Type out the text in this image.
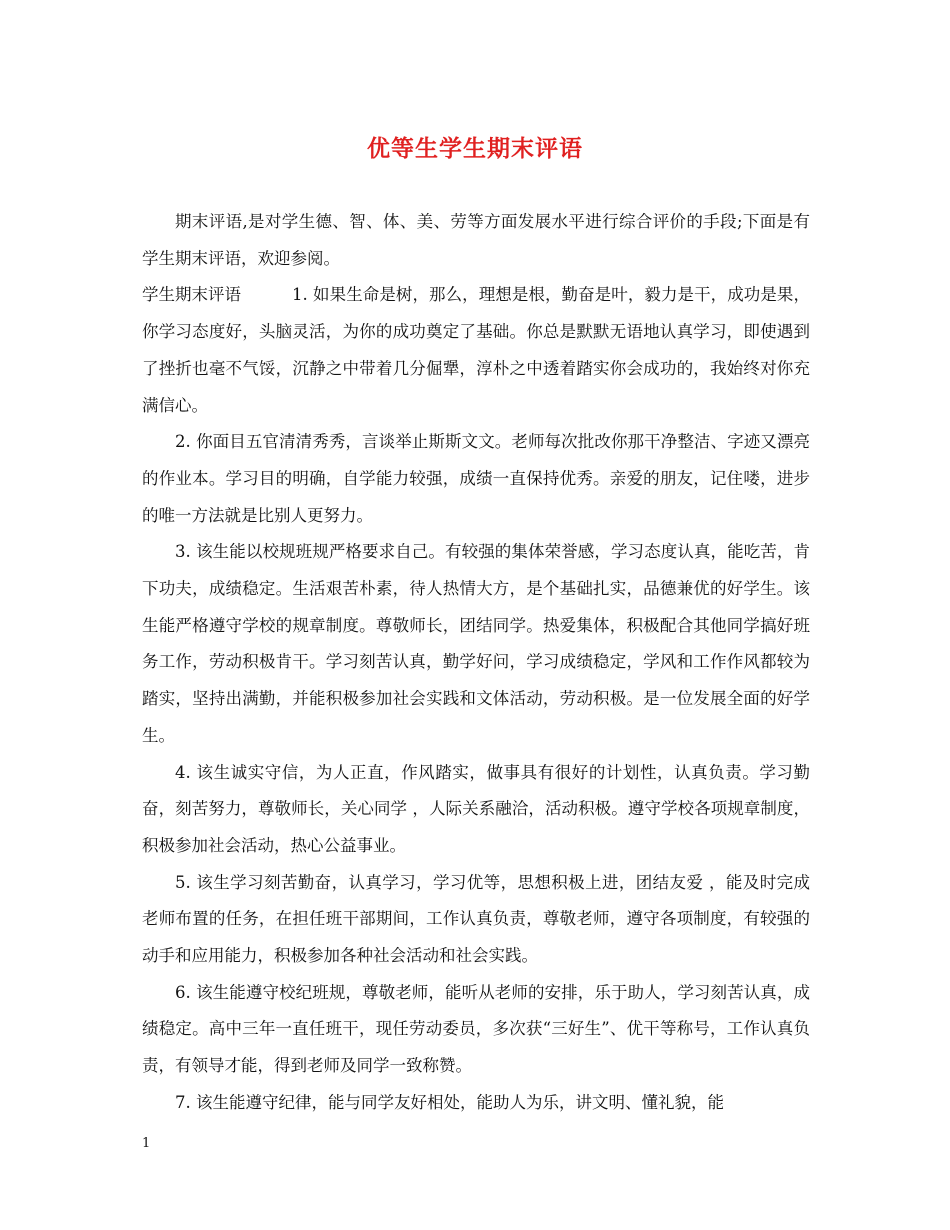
优等生学生期末评语

期末评语,是对学生德、智、体、美、劳等方面发展水平进行综合评价的手段;下面是有学生期末评语，欢迎参阅。

学生期末评语	1. 如果生命是树，那么，理想是根，勤奋是叶，毅力是干，成功是果，你学习态度好，头脑灵活，为你的成功奠定了基础。你总是默默无语地认真学习，即使遇到了挫折也毫不气馁，沉静之中带着几分倔犟，淳朴之中透着踏实你会成功的，我始终对你充满信心。

2. 你面目五官清清秀秀，言谈举止斯斯文文。老师每次批改你那干净整洁、字迹又漂亮的作业本。学习目的明确，自学能力较强，成绩一直保持优秀。亲爱的朋友，记住喽，进步的唯一方法就是比别人更努力。

3. 该生能以校规班规严格要求自己。有较强的集体荣誉感，学习态度认真，能吃苦，肯下功夫，成绩稳定。生活艰苦朴素，待人热情大方，是个基础扎实，品德兼优的好学生。该生能严格遵守学校的规章制度。尊敬师长，团结同学。热爱集体，积极配合其他同学搞好班务工作，劳动积极肯干。学习刻苦认真，勤学好问，学习成绩稳定，学风和工作作风都较为踏实，坚持出满勤，并能积极参加社会实践和文体活动，劳动积极。是一位发展全面的好学生。

4. 该生诚实守信，为人正直，作风踏实，做事具有很好的计划性，认真负责。学习勤奋，刻苦努力，尊敬师长，关心同学 ，人际关系融洽，活动积极。遵守学校各项规章制度，积极参加社会活动，热心公益事业。

5. 该生学习刻苦勤奋，认真学习，学习优等，思想积极上进，团结友爱 ，能及时完成老师布置的任务，在担任班干部期间，工作认真负责，尊敬老师，遵守各项制度，有较强的动手和应用能力，积极参加各种社会活动和社会实践。

6. 该生能遵守校纪班规，尊敬老师，能听从老师的安排，乐于助人，学习刻苦认真，成绩稳定。高中三年一直任班干，现任劳动委员，多次获“三好生”、优干等称号，工作认真负责，有领导才能，得到老师及同学一致称赞。

7. 该生能遵守纪律，能与同学友好相处，能助人为乐，讲文明、懂礼貌，能

1
